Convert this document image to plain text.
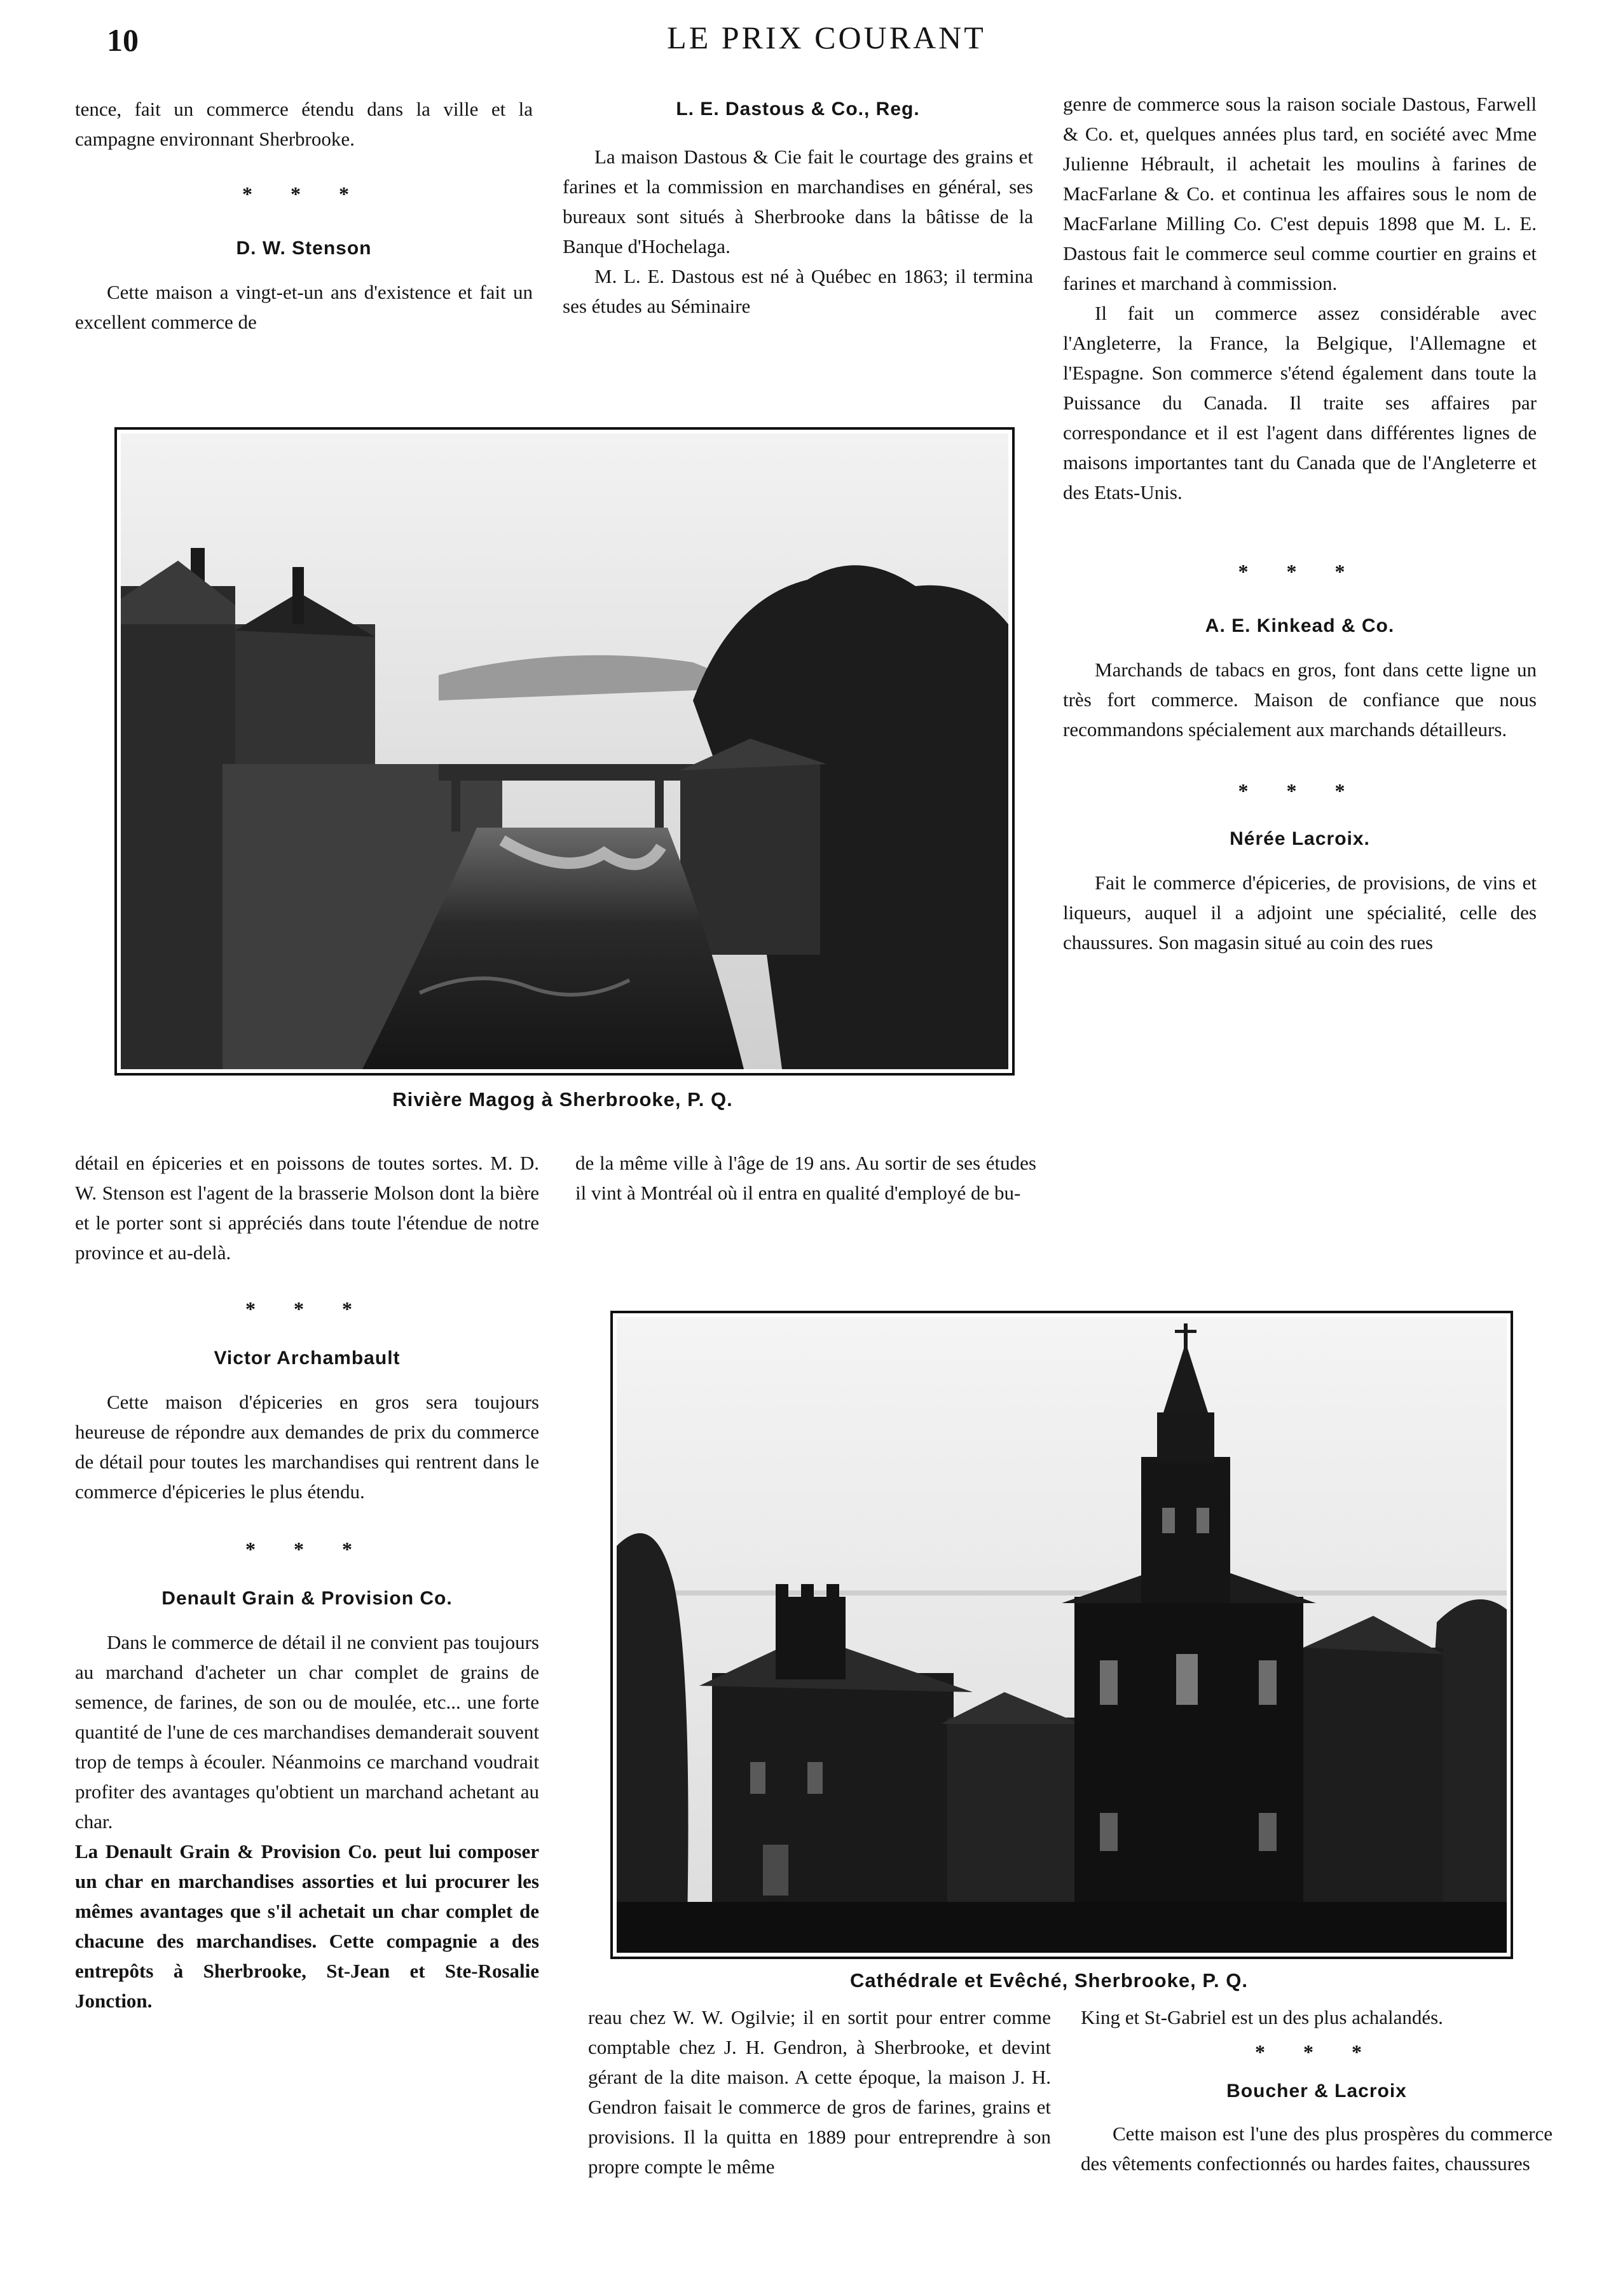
10	LE PRIX COURANT

tence, fait un commerce étendu dans la ville et la campagne environnant Sherbrooke.

* * *

D. W. Stenson

Cette maison a vingt-et-un ans d'existence et fait un excellent commerce de

L. E. Dastous & Co., Reg.

La maison Dastous & Cie fait le courtage des grains et farines et la commission en marchandises en général, ses bureaux sont situés à Sherbrooke dans la bâtisse de la Banque d'Hochelaga.

M. L. E. Dastous est né à Québec en 1863; il termina ses études au Séminaire

genre de commerce sous la raison sociale Dastous, Farwell & Co. et, quelques années plus tard, en société avec Mme Julienne Hébrault, il achetait les moulins à farines de MacFarlane & Co. et continua les affaires sous le nom de MacFarlane Milling Co. C'est depuis 1898 que M. L. E. Dastous fait le commerce seul comme courtier en grains et farines et marchand à commission.

Il fait un commerce assez considérable avec l'Angleterre, la France, la Belgique, l'Allemagne et l'Espagne. Son commerce s'étend également dans toute la Puissance du Canada. Il traite ses affaires par correspondance et il est l'agent dans différentes lignes de maisons importantes tant du Canada que de l'Angleterre et des Etats-Unis.

* * *

A. E. Kinkead & Co.

Marchands de tabacs en gros, font dans cette ligne un très fort commerce. Maison de confiance que nous recommandons spécialement aux marchands détailleurs.

* * *

Nérée Lacroix.

Fait le commerce d'épiceries, de provisions, de vins et liqueurs, auquel il a adjoint une spécialité, celle des chaussures. Son magasin situé au coin des rues

Rivière Magog à Sherbrooke, P. Q.

détail en épiceries et en poissons de toutes sortes. M. D. W. Stenson est l'agent de la brasserie Molson dont la bière et le porter sont si appréciés dans toute l'étendue de notre province et au-delà.

* * *

Victor Archambault

Cette maison d'épiceries en gros sera toujours heureuse de répondre aux demandes de prix du commerce de détail pour toutes les marchandises qui rentrent dans le commerce d'épiceries le plus étendu.

* * *

Denault Grain & Provision Co.

Dans le commerce de détail il ne convient pas toujours au marchand d'acheter un char complet de grains de semence, de farines, de son ou de moulée, etc... une forte quantité de l'une de ces marchandises demanderait souvent trop de temps à écouler. Néanmoins ce marchand voudrait profiter des avantages qu'obtient un marchand achetant au char.

La Denault Grain & Provision Co. peut lui composer un char en marchandises assorties et lui procurer les mêmes avantages que s'il achetait un char complet de chacune des marchandises. Cette compagnie a des entrepôts à Sherbrooke, St-Jean et Ste-Rosalie Jonction.

de la même ville à l'âge de 19 ans. Au sortir de ses études il vint à Montréal où il entra en qualité d'employé de bu-

Cathédrale et Evêché, Sherbrooke, P. Q.

reau chez W. W. Ogilvie; il en sortit pour entrer comme comptable chez J. H. Gendron, à Sherbrooke, et devint gérant de la dite maison. A cette époque, la maison J. H. Gendron faisait le commerce de gros de farines, grains et provisions. Il la quitta en 1889 pour entreprendre à son propre compte le même

King et St-Gabriel est un des plus achalandés.

* * *

Boucher & Lacroix

Cette maison est l'une des plus prospères du commerce des vêtements confectionnés ou hardes faites, chaussures
